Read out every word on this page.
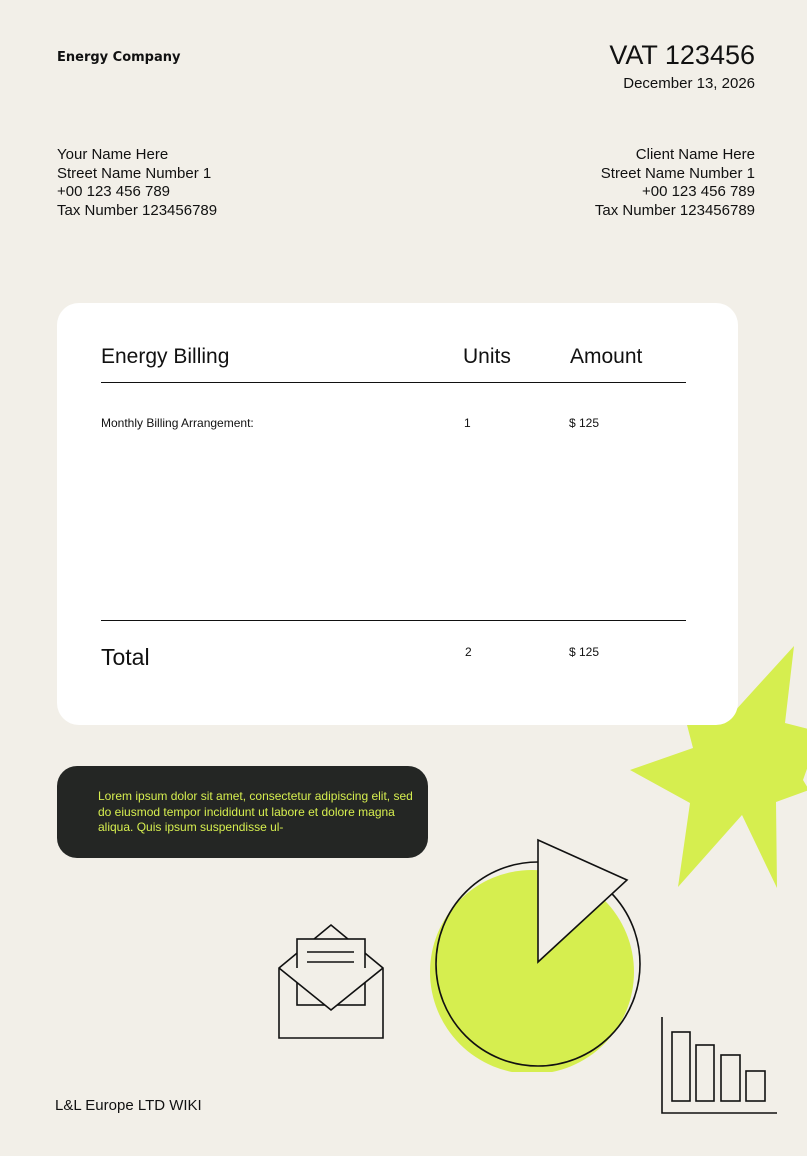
Energy Company	VAT 123456
December 13, 2026
Your Name Here
Street Name Number 1
+00 123 456 789
Tax Number 123456789
Client Name Here
Street Name Number 1
+00 123 456 789
Tax Number 123456789
Energy Billing	Units	Amount
Monthly Billing Arrangement:	1	$ 125
Total	2	$ 125
Lorem ipsum dolor sit amet, consectetur adipiscing elit, sed do eiusmod tempor incididunt ut labore et dolore magna aliqua. Quis ipsum suspendisse ul-
L&L Europe LTD WIKI
